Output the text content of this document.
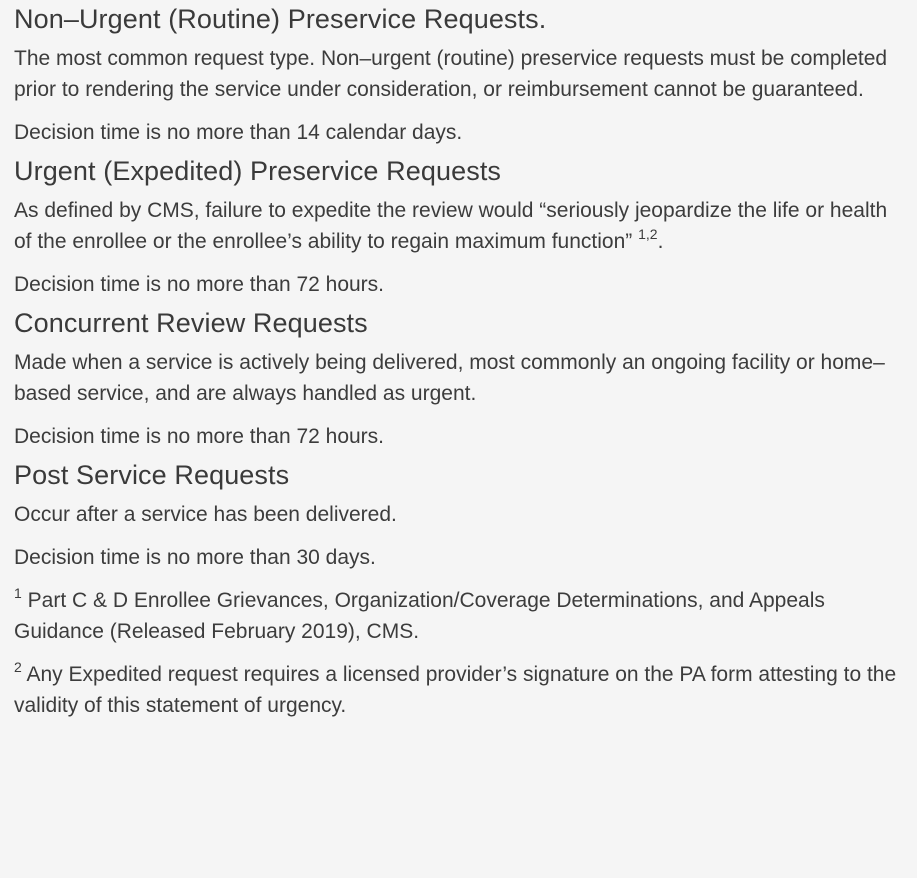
Non–Urgent (Routine) Preservice Requests.

The most common request type. Non–urgent (routine) preservice requests must be completed prior to rendering the service under consideration, or reimbursement cannot be guaranteed.

Decision time is no more than 14 calendar days.

Urgent (Expedited) Preservice Requests

As defined by CMS, failure to expedite the review would “seriously jeopardize the life or health of the enrollee or the enrollee’s ability to regain maximum function” $^{1,2}$.

Decision time is no more than 72 hours.

Concurrent Review Requests

Made when a service is actively being delivered, most commonly an ongoing facility or home–based service, and are always handled as urgent.

Decision time is no more than 72 hours.

Post Service Requests

Occur after a service has been delivered.

Decision time is no more than 30 days.

$^1$ Part C & D Enrollee Grievances, Organization/Coverage Determinations, and Appeals Guidance (Released February 2019), CMS.

$^2$ Any Expedited request requires a licensed provider’s signature on the PA form attesting to the validity of this statement of urgency.
